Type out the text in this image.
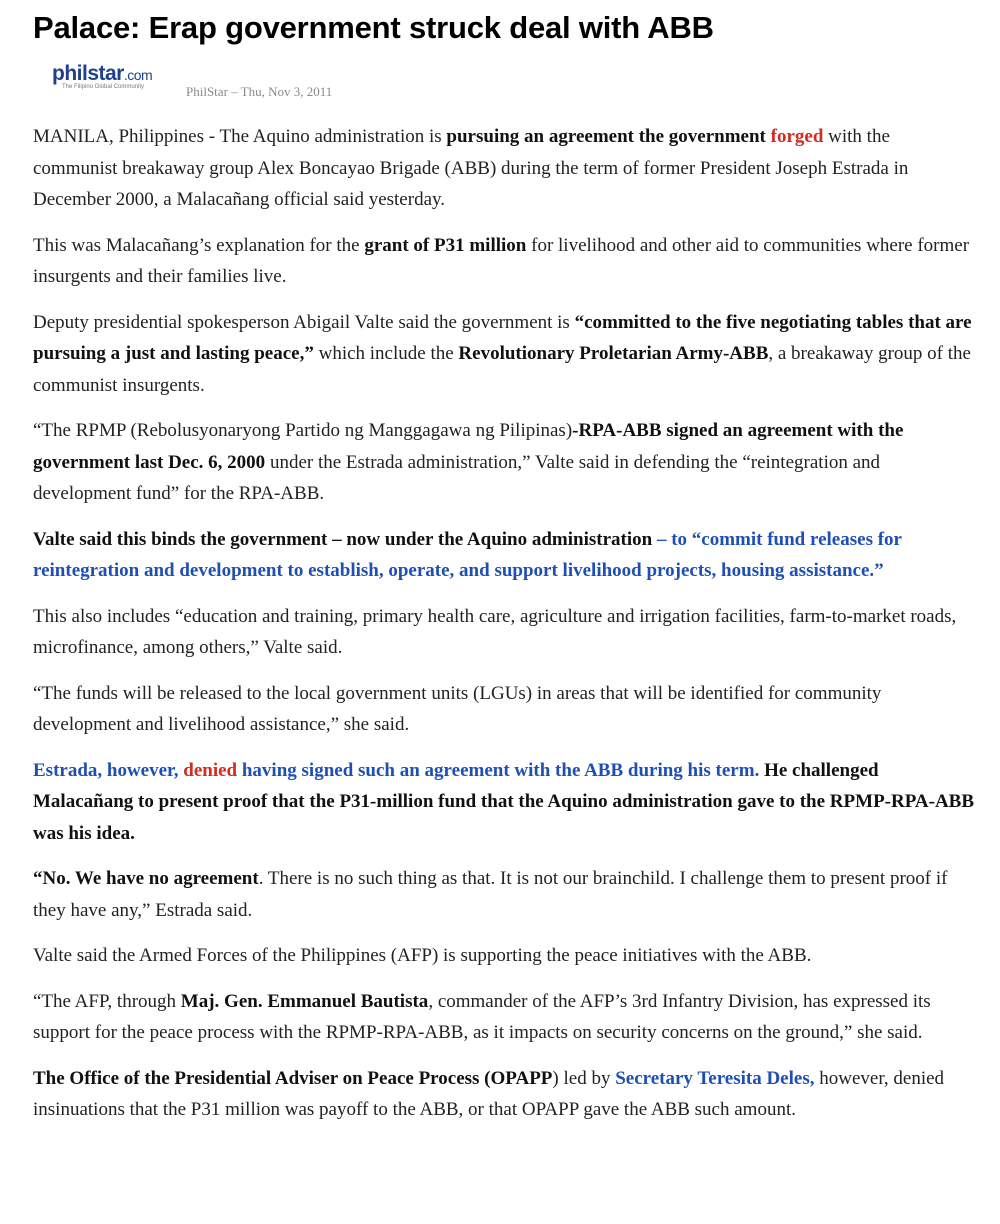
Palace: Erap government struck deal with ABB
philstar.com
The Filipino Global Community	PhilStar – Thu, Nov 3, 2011

MANILA, Philippines - The Aquino administration is pursuing an agreement the government forged with the communist breakaway group Alex Boncayao Brigade (ABB) during the term of former President Joseph Estrada in December 2000, a Malacañang official said yesterday.

This was Malacañang’s explanation for the grant of P31 million for livelihood and other aid to communities where former insurgents and their families live.

Deputy presidential spokesperson Abigail Valte said the government is “committed to the five negotiating tables that are pursuing a just and lasting peace,” which include the Revolutionary Proletarian Army-ABB, a breakaway group of the communist insurgents.

“The RPMP (Rebolusyonaryong Partido ng Manggagawa ng Pilipinas)-RPA-ABB signed an agreement with the government last Dec. 6, 2000 under the Estrada administration,” Valte said in defending the “reintegration and development fund” for the RPA-ABB.

Valte said this binds the government – now under the Aquino administration – to “commit fund releases for reintegration and development to establish, operate, and support livelihood projects, housing assistance.”

This also includes “education and training, primary health care, agriculture and irrigation facilities, farm-to-market roads, microfinance, among others,” Valte said.

“The funds will be released to the local government units (LGUs) in areas that will be identified for community development and livelihood assistance,” she said.

Estrada, however, denied having signed such an agreement with the ABB during his term. He challenged Malacañang to present proof that the P31-million fund that the Aquino administration gave to the RPMP-RPA-ABB was his idea.

“No. We have no agreement. There is no such thing as that. It is not our brainchild. I challenge them to present proof if they have any,” Estrada said.

Valte said the Armed Forces of the Philippines (AFP) is supporting the peace initiatives with the ABB.

“The AFP, through Maj. Gen. Emmanuel Bautista, commander of the AFP’s 3rd Infantry Division, has expressed its support for the peace process with the RPMP-RPA-ABB, as it impacts on security concerns on the ground,” she said.

The Office of the Presidential Adviser on Peace Process (OPAPP) led by Secretary Teresita Deles, however, denied insinuations that the P31 million was payoff to the ABB, or that OPAPP gave the ABB such amount.
